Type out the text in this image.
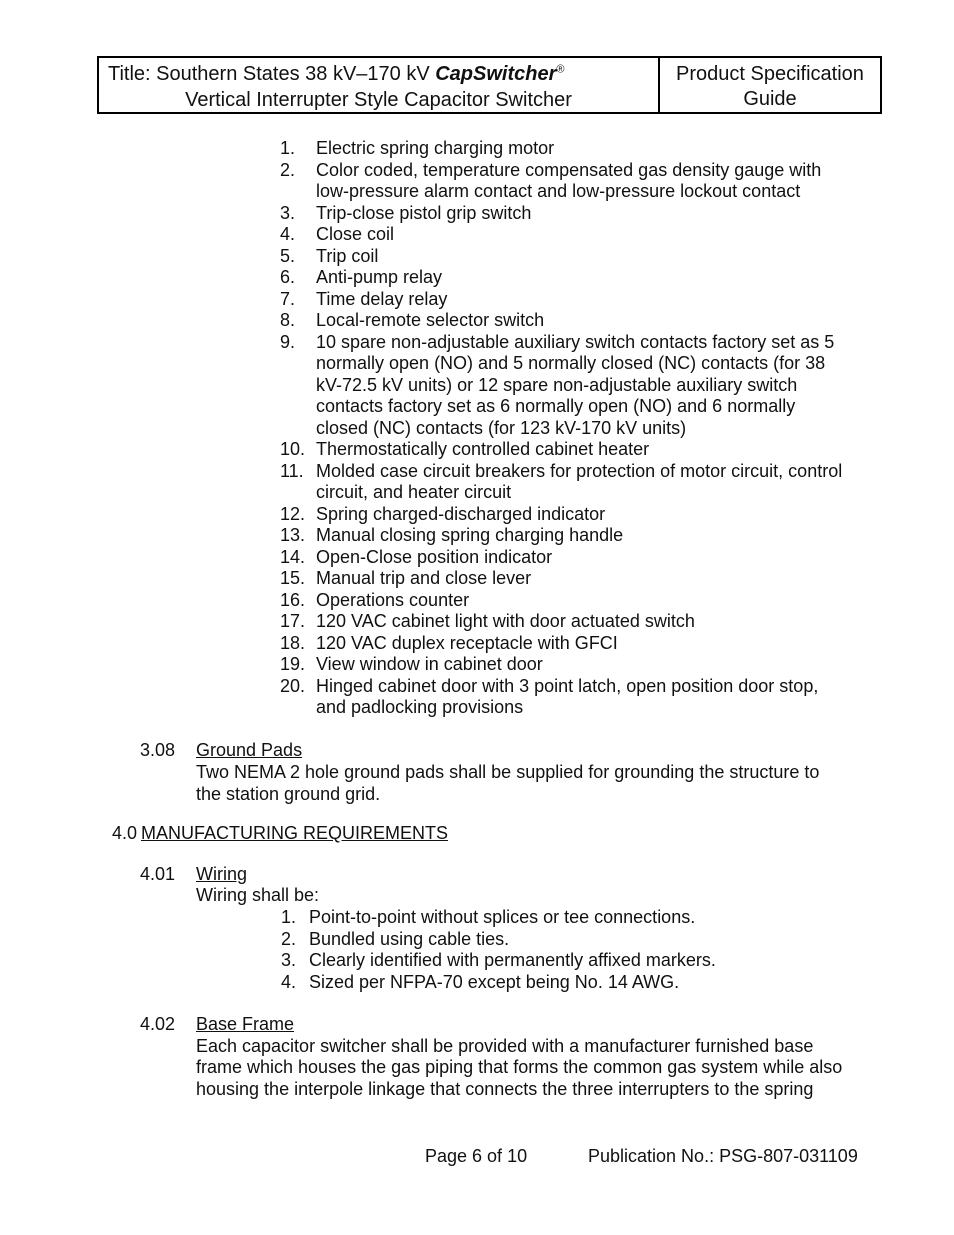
Title: Southern States 38 kV–170 kV CapSwitcher®
Vertical Interrupter Style Capacitor Switcher
Product Specification
Guide
1. Electric spring charging motor
2. Color coded, temperature compensated gas density gauge with
low-pressure alarm contact and low-pressure lockout contact
3. Trip-close pistol grip switch
4. Close coil
5. Trip coil
6. Anti-pump relay
7. Time delay relay
8. Local-remote selector switch
9. 10 spare non-adjustable auxiliary switch contacts factory set as 5
normally open (NO) and 5 normally closed (NC) contacts (for 38
kV-72.5 kV units) or 12 spare non-adjustable auxiliary switch
contacts factory set as 6 normally open (NO) and 6 normally
closed (NC) contacts (for 123 kV-170 kV units)
10. Thermostatically controlled cabinet heater
11. Molded case circuit breakers for protection of motor circuit, control
circuit, and heater circuit
12. Spring charged-discharged indicator
13. Manual closing spring charging handle
14. Open-Close position indicator
15. Manual trip and close lever
16. Operations counter
17. 120 VAC cabinet light with door actuated switch
18. 120 VAC duplex receptacle with GFCI
19. View window in cabinet door
20. Hinged cabinet door with 3 point latch, open position door stop,
and padlocking provisions
3.08 Ground Pads
Two NEMA 2 hole ground pads shall be supplied for grounding the structure to
the station ground grid.
4.0 MANUFACTURING REQUIREMENTS
4.01 Wiring
Wiring shall be:
1. Point-to-point without splices or tee connections.
2. Bundled using cable ties.
3. Clearly identified with permanently affixed markers.
4. Sized per NFPA-70 except being No. 14 AWG.
4.02 Base Frame
Each capacitor switcher shall be provided with a manufacturer furnished base
frame which houses the gas piping that forms the common gas system while also
housing the interpole linkage that connects the three interrupters to the spring
Page 6 of 10	Publication No.: PSG-807-031109
